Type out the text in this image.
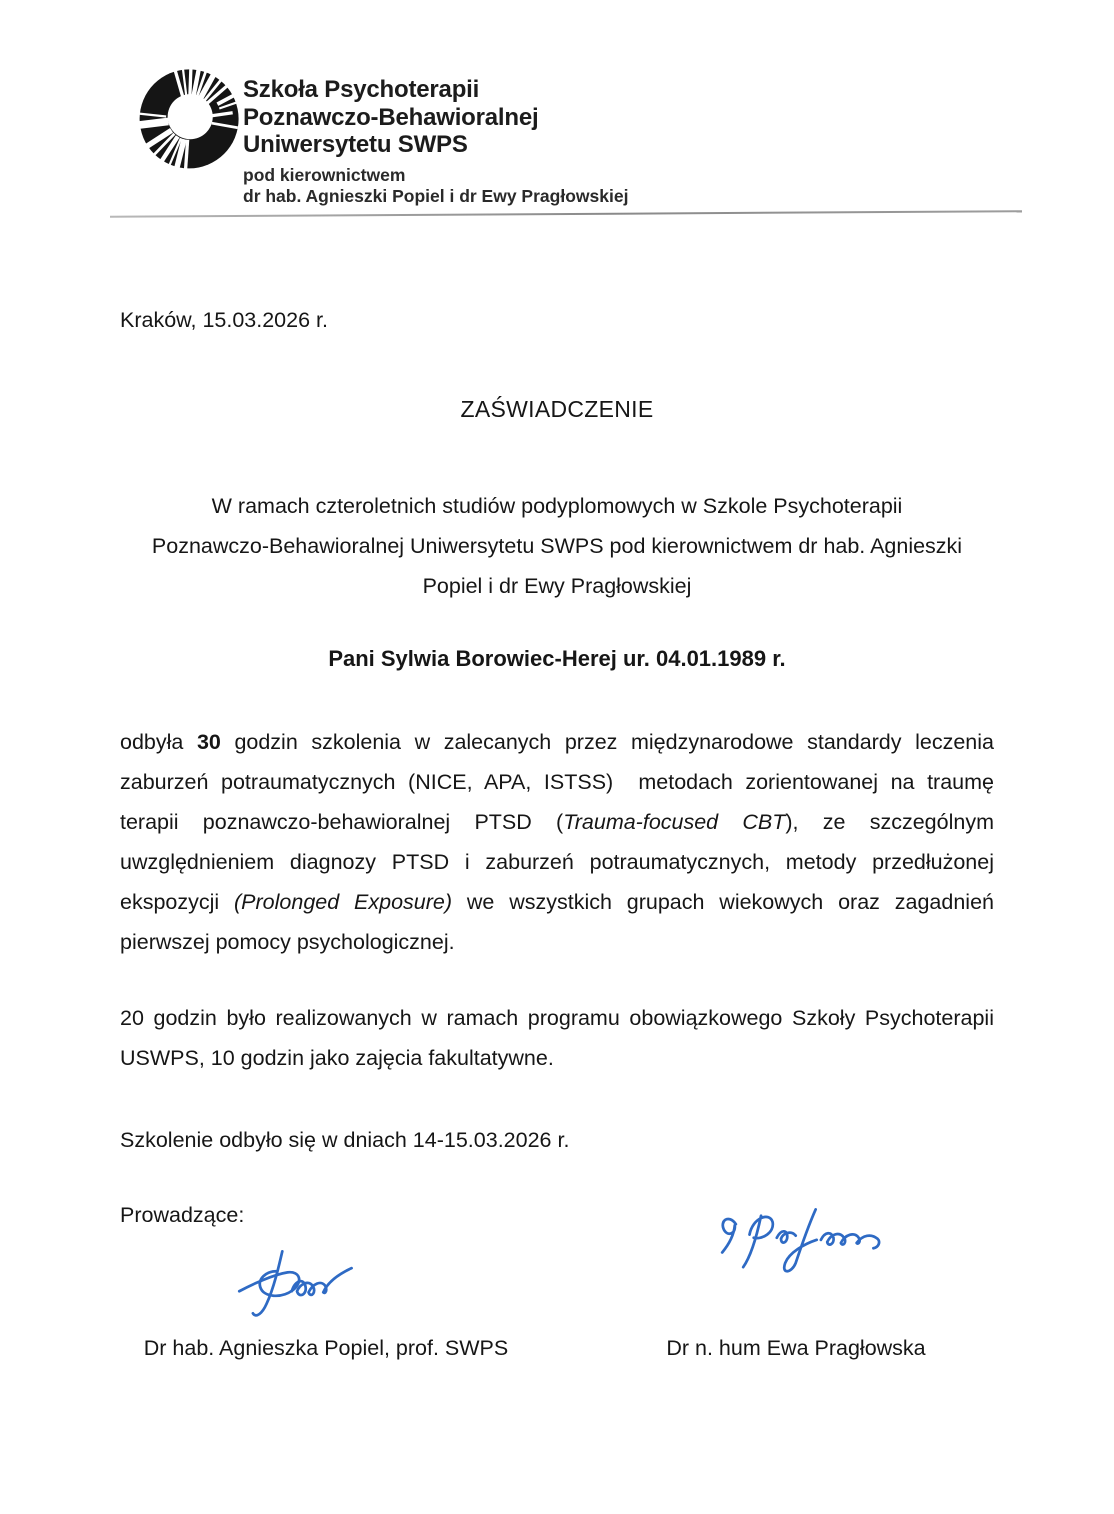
Szkoła Psychoterapii
Poznawczo-Behawioralnej
Uniwersytetu SWPS
pod kierownictwem
dr hab. Agnieszki Popiel i dr Ewy Pragłowskiej
Kraków, 15.03.2026 r.
ZAŚWIADCZENIE
W ramach czteroletnich studiów podyplomowych w Szkole Psychoterapii
Poznawczo-Behawioralnej Uniwersytetu SWPS pod kierownictwem dr hab. Agnieszki
Popiel i dr Ewy Pragłowskiej
Pani Sylwia Borowiec-Herej ur. 04.01.1989 r.
odbyła 30 godzin szkolenia w zalecanych przez międzynarodowe standardy leczenia zaburzeń potraumatycznych (NICE, APA, ISTSS)  metodach zorientowanej na traumę terapii poznawczo-behawioralnej PTSD (Trauma-focused CBT), ze szczególnym uwzględnieniem diagnozy PTSD i zaburzeń potraumatycznych, metody przedłużonej ekspozycji (Prolonged Exposure) we wszystkich grupach wiekowych oraz zagadnień pierwszej pomocy psychologicznej.
20 godzin było realizowanych w ramach programu obowiązkowego Szkoły Psychoterapii USWPS, 10 godzin jako zajęcia fakultatywne.
Szkolenie odbyło się w dniach 14-15.03.2026 r.
Prowadzące:
Dr hab. Agnieszka Popiel, prof. SWPS	Dr n. hum Ewa Pragłowska
